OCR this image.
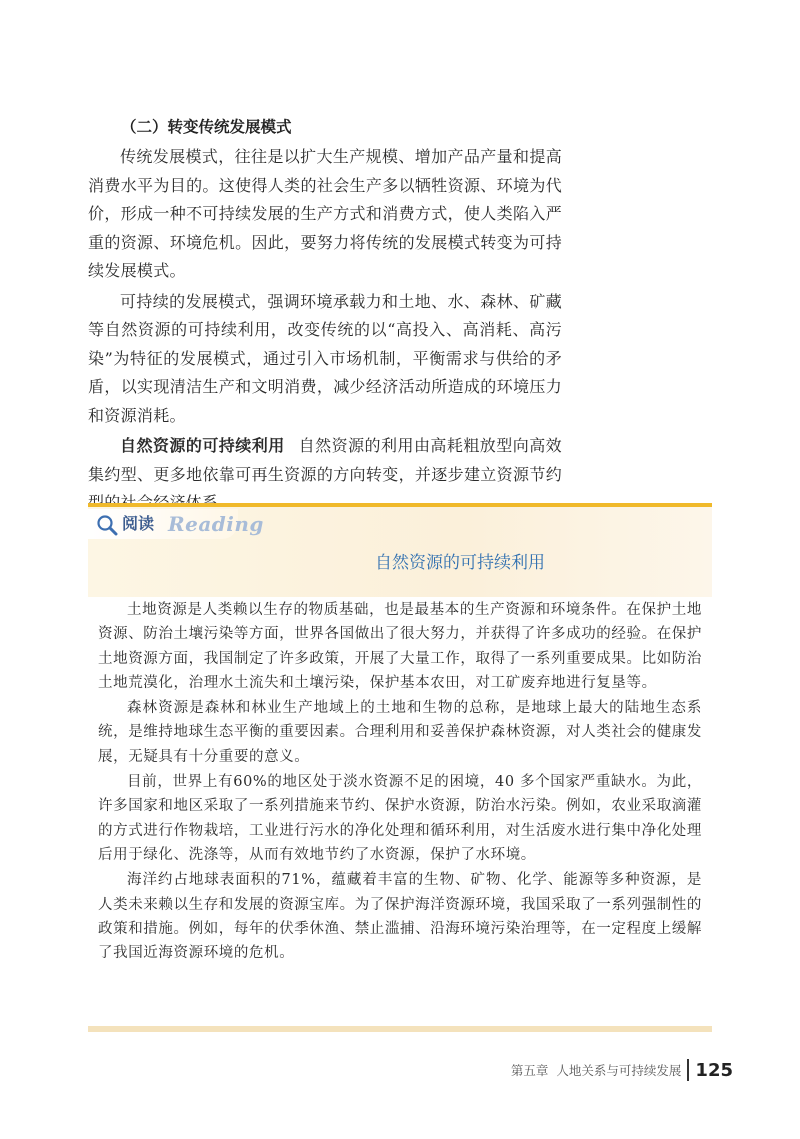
（二）转变传统发展模式

传统发展模式，往往是以扩大生产规模、增加产品产量和提高消费水平为目的。这使得人类的社会生产多以牺牲资源、环境为代价，形成一种不可持续发展的生产方式和消费方式，使人类陷入严重的资源、环境危机。因此，要努力将传统的发展模式转变为可持续发展模式。

可持续的发展模式，强调环境承载力和土地、水、森林、矿藏等自然资源的可持续利用，改变传统的以“高投入、高消耗、高污染”为特征的发展模式，通过引入市场机制，平衡需求与供给的矛盾，以实现清洁生产和文明消费，减少经济活动所造成的环境压力和资源消耗。

自然资源的可持续利用 自然资源的利用由高耗粗放型向高效集约型、更多地依靠可再生资源的方向转变，并逐步建立资源节约

阅读 Reading
自然资源的可持续利用

土地资源是人类赖以生存的物质基础，也是最基本的生产资源和环境条件。在保护土地资源、防治土壤污染等方面，世界各国做出了很大努力，并获得了许多成功的经验。在保护土地资源方面，我国制定了许多政策，开展了大量工作，取得了一系列重要成果。比如防治土地荒漠化，治理水土流失和土壤污染，保护基本农田，对工矿废弃地进行复垦等。

森林资源是森林和林业生产地域上的土地和生物的总称，是地球上最大的陆地生态系统，是维持地球生态平衡的重要因素。合理利用和妥善保护森林资源，对人类社会的健康发展，无疑具有十分重要的意义。

目前，世界上有60%的地区处于淡水资源不足的困境，40 多个国家严重缺水。为此，许多国家和地区采取了一系列措施来节约、保护水资源，防治水污染。例如，农业采取滴灌的方式进行作物栽培，工业进行污水的净化处理和循环利用，对生活废水进行集中净化处理后用于绿化、洗涤等，从而有效地节约了水资源，保护了水环境。

海洋约占地球表面积的71%，蕴藏着丰富的生物、矿物、化学、能源等多种资源，是人类未来赖以生存和发展的资源宝库。为了保护海洋资源环境，我国采取了一系列强制性的政策和措施。例如，每年的伏季休渔、禁止滥捕、沿海环境污染治理等，在一定程度上缓解了我国近海资源环境的危机。

第五章 人地关系与可持续发展 125
